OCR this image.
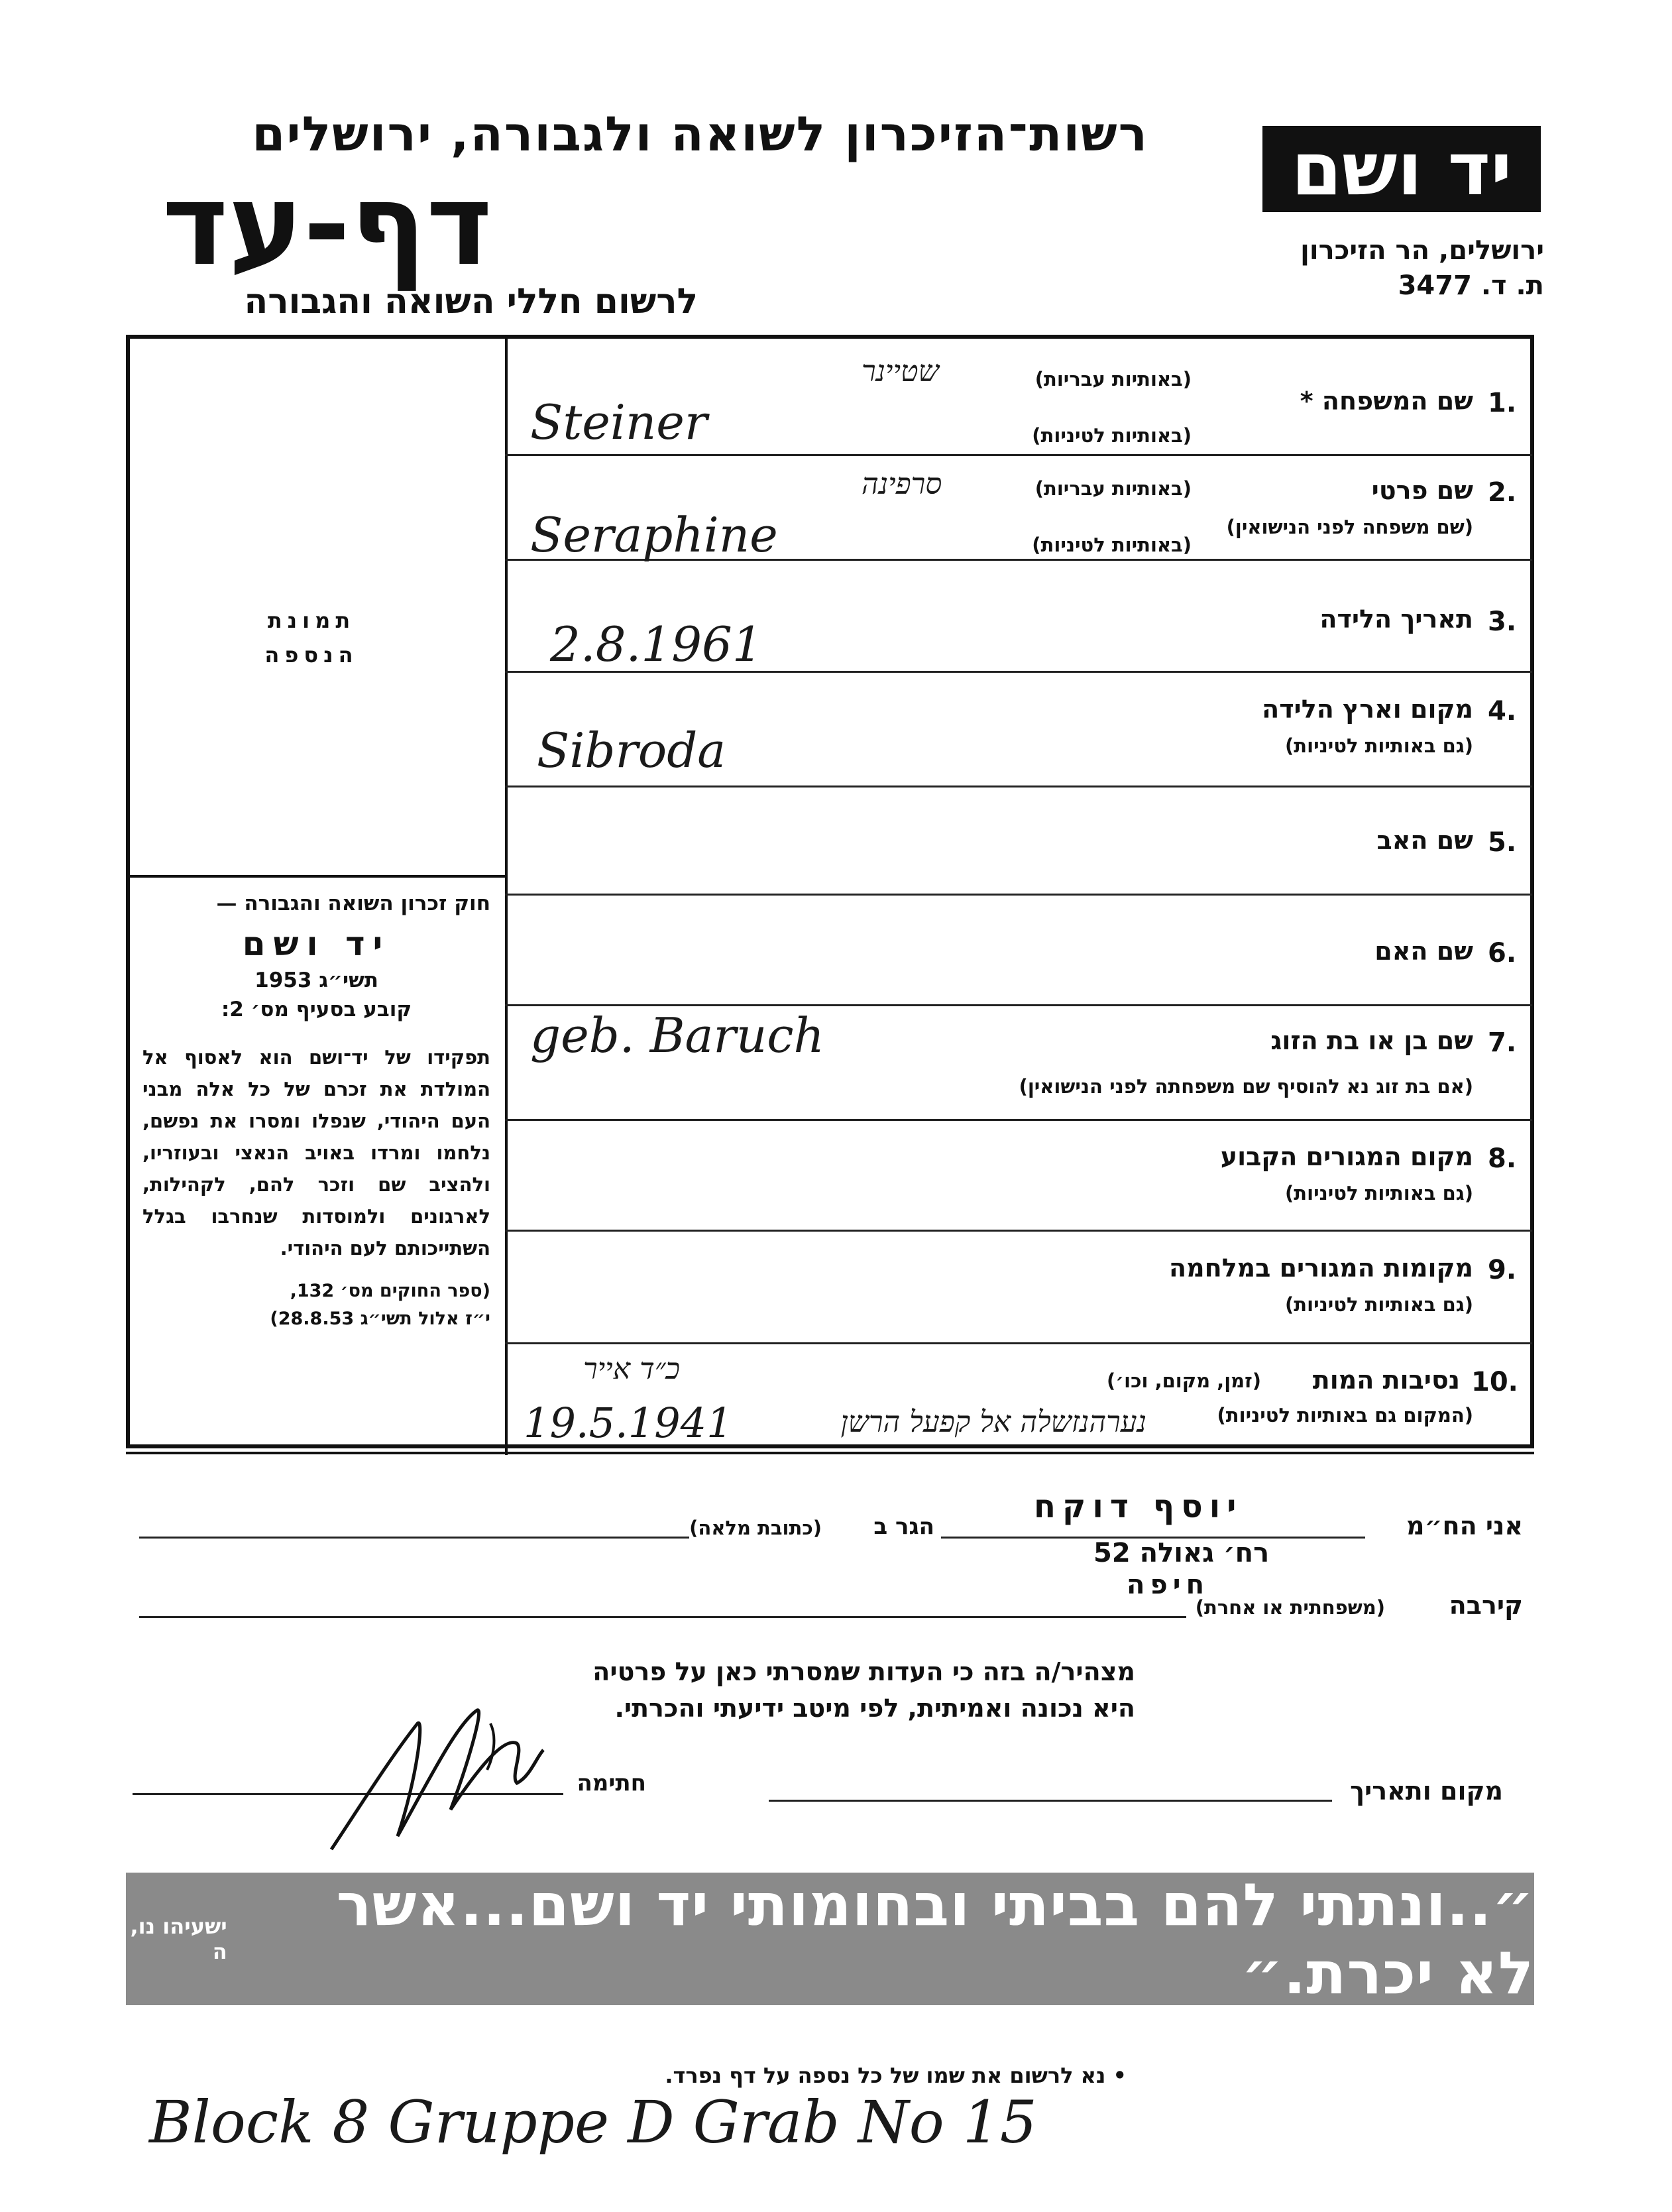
רשות־הזיכרון לשואה ולגבורה, ירושלים
דף-עד
לרשום חללי השואה והגבורה
יד ושם
ירושלים, הר הזיכרון
ת. ד. 3477
תמונת
הנספה
חוק זכרון השואה והגבורה —
יד ושם
תשי״ג 1953
קובע בסעיף מס׳ 2:
תפקידו של יד־ושם הוא לאסוף אל המולדת את זכרם של כל אלה מבני העם היהודי, שנפלו ומסרו את נפשם, נלחמו ומרדו באויב הנאצי ובעוזריו, ולהציב שם וזכר להם, לקהילות, לארגונים ולמוסדות שנחרבו בגלל השתייכותם לעם היהודי.
(ספר החוקים מס׳ 132,
י״ז אלול תשי״ג 28.8.53)
1.
שם המשפחה *
(באותיות עבריות)
(באותיות לטיניות)
שטיינר
Steiner
2.
שם פרטי
(שם משפחה לפני הנישואין)
(באותיות עבריות)
(באותיות לטיניות)
סרפינה
Seraphine
3.
תאריך הלידה
2.8.1961
4.
מקום וארץ הלידה
(גם באותיות לטיניות)
Sibroda
5.
שם האב
6.
שם האם
7.
שם בן או בת הזוג
(אם בת זוג נא להוסיף שם משפחתה לפני הנישואין)
geb. Baruch
8.
מקום המגורים הקבוע
(גם באותיות לטיניות)
9.
מקומות המגורים במלחמה
(גם באותיות לטיניות)
10.
נסיבות המות
(זמן, מקום, וכו׳)
(המקום גם באותיות לטיניות)
כ״ד אייר
19.5.1941	נערהנזשלה אל קפעל הרשן
אני הח״מ
יוסף דוקח
הגר ב
(כתובת מלאה)
רח׳ גאולה 52
חיפה
קירבה
(משפחתית או אחרת)
מצהיר/ה בזה כי העדות שמסרתי כאן על פרטיה
היא נכונה ואמיתית, לפי מיטב ידיעתי והכרתי.
חתימה	מקום ותאריך
״..ונתתי להם בביתי ובחומותי יד ושם...אשר לא יכרת.״
ישעיהו נו, ה
• נא לרשום את שמו של כל נספה על דף נפרד.
Block 8 Gruppe D Grab No 15
